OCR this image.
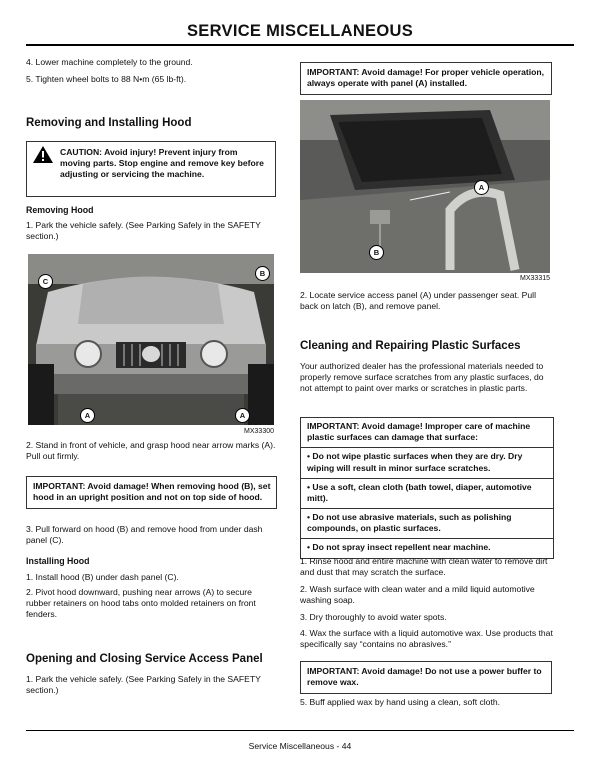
SERVICE MISCELLANEOUS

4. Lower machine completely to the ground.

5. Tighten wheel bolts to 88 N•m (65 lb-ft).

Removing and Installing Hood
CAUTION: Avoid injury! Prevent injury from moving parts. Stop engine and remove key before adjusting or servicing the machine.
Removing Hood

1. Park the vehicle safely. (See Parking Safely in the SAFETY section.)

C
B
A	A
MX33300

2. Stand in front of vehicle, and grasp hood near arrow marks (A). Pull out firmly.

IMPORTANT: Avoid damage! When removing hood (B), set hood in an upright position and not on top side of hood.

3. Pull forward on hood (B) and remove hood from under dash panel (C).

Installing Hood

1. Install hood (B) under dash panel (C).

2. Pivot hood downward, pushing near arrows (A) to secure rubber retainers on hood tabs onto molded retainers on front fenders.

Opening and Closing Service Access Panel

1. Park the vehicle safely. (See Parking Safely in the SAFETY section.)

IMPORTANT: Avoid damage! For proper vehicle operation, always operate with panel (A) installed.
A
B
MX33315

2. Locate service access panel (A) under passenger seat. Pull back on latch (B), and remove panel.

Cleaning and Repairing Plastic Surfaces

Your authorized dealer has the professional materials needed to properly remove surface scratches from any plastic surfaces, do not attempt to paint over marks or scratches in plastic parts.

IMPORTANT: Avoid damage! Improper care of machine plastic surfaces can damage that surface:
• Do not wipe plastic surfaces when they are dry. Dry wiping will result in minor surface scratches.
• Use a soft, clean cloth (bath towel, diaper, automotive mitt).
• Do not use abrasive materials, such as polishing compounds, on plastic surfaces.
• Do not spray insect repellent near machine.

1. Rinse hood and entire machine with clean water to remove dirt and dust that may scratch the surface.

2. Wash surface with clean water and a mild liquid automotive washing soap.

3. Dry thoroughly to avoid water spots.

4. Wax the surface with a liquid automotive wax. Use products that specifically say “contains no abrasives.”

IMPORTANT: Avoid damage! Do not use a power buffer to remove wax.

5. Buff applied wax by hand using a clean, soft cloth.

Service Miscellaneous - 44
